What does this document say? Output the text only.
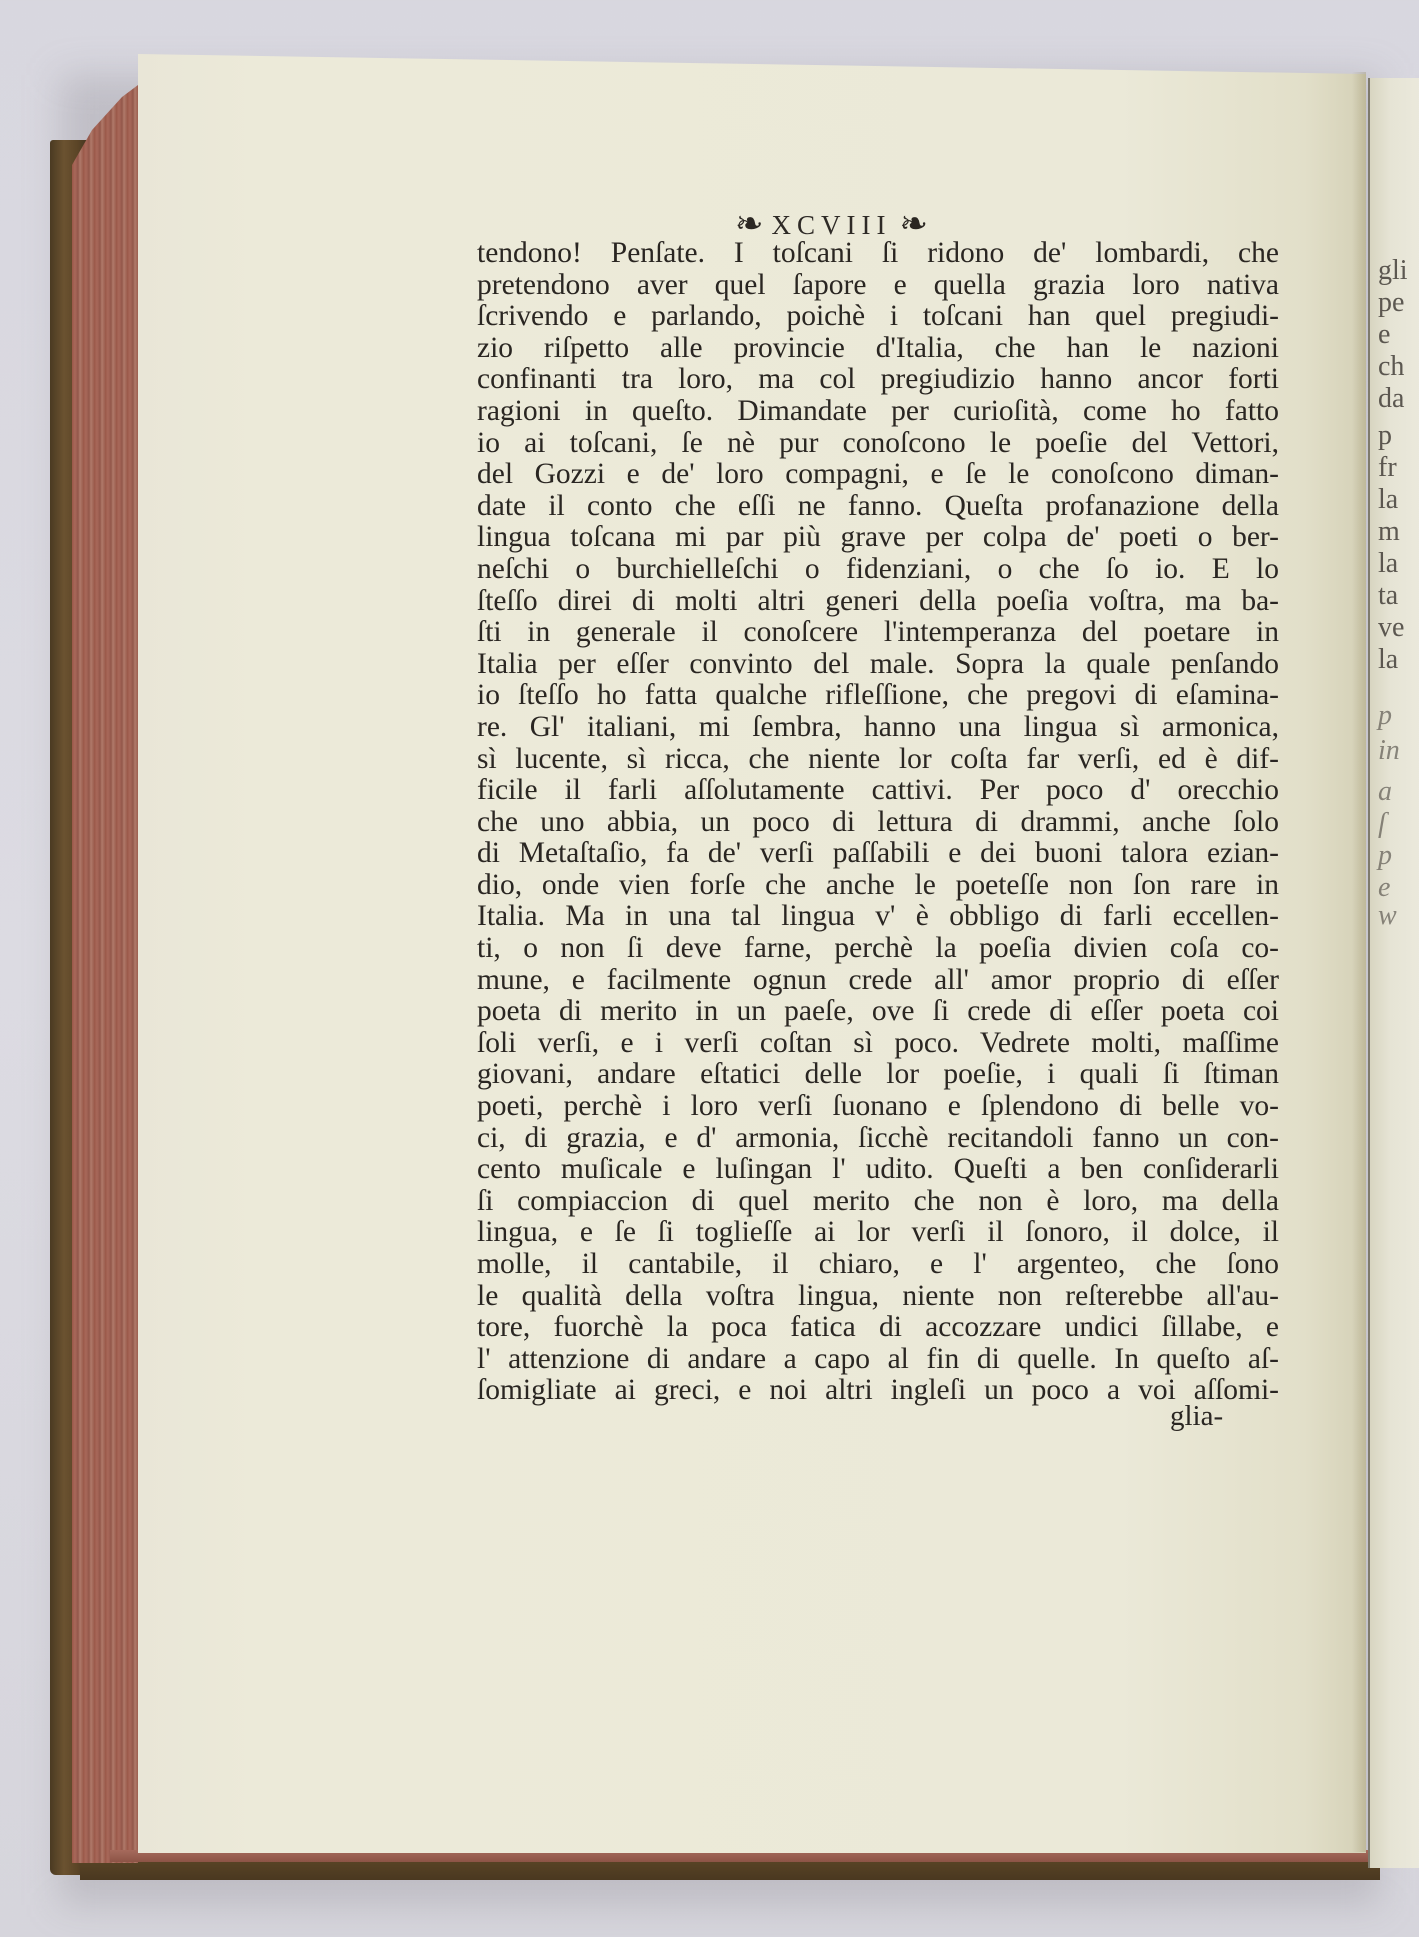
gli
pe
e
ch
da
p
fr
la
m
la
ta
ve
la
p
in
a
ſ
p
e
w
❧ XCVIII ❧
tendono! Penſate. I toſcani ſi ridono de' lombardi, che
pretendono aver quel ſapore e quella grazia loro nativa
ſcrivendo e parlando, poichè i toſcani han quel pregiudi-
zio riſpetto alle provincie d'Italia, che han le nazioni
confinanti tra loro, ma col pregiudizio hanno ancor forti
ragioni in queſto. Dimandate per curioſità, come ho fatto
io ai toſcani, ſe nè pur conoſcono le poeſie del Vettori,
del Gozzi e de' loro compagni, e ſe le conoſcono diman-
date il conto che eſſi ne fanno. Queſta profanazione della
lingua toſcana mi par più grave per colpa de' poeti o ber-
neſchi o burchielleſchi o fidenziani, o che ſo io. E lo
ſteſſo direi di molti altri generi della poeſia voſtra, ma ba-
ſti in generale il conoſcere l'intemperanza del poetare in
Italia per eſſer convinto del male. Sopra la quale penſando
io ſteſſo ho fatta qualche rifleſſione, che pregovi di eſamina-
re. Gl' italiani, mi ſembra, hanno una lingua sì armonica,
sì lucente, sì ricca, che niente lor coſta far verſi, ed è dif-
ficile il farli aſſolutamente cattivi. Per poco d' orecchio
che uno abbia, un poco di lettura di drammi, anche ſolo
di Metaſtaſio, fa de' verſi paſſabili e dei buoni talora ezian-
dio, onde vien forſe che anche le poeteſſe non ſon rare in
Italia. Ma in una tal lingua v' è obbligo di farli eccellen-
ti, o non ſi deve farne, perchè la poeſia divien coſa co-
mune, e facilmente ognun crede all' amor proprio di eſſer
poeta di merito in un paeſe, ove ſi crede di eſſer poeta coi
ſoli verſi, e i verſi coſtan sì poco. Vedrete molti, maſſime
giovani, andare eſtatici delle lor poeſie, i quali ſi ſtiman
poeti, perchè i loro verſi ſuonano e ſplendono di belle vo-
ci, di grazia, e d' armonia, ſicchè recitandoli fanno un con-
cento muſicale e luſingan l' udito. Queſti a ben conſiderarli
ſi compiaccion di quel merito che non è loro, ma della
lingua, e ſe ſi toglieſſe ai lor verſi il ſonoro, il dolce, il
molle, il cantabile, il chiaro, e l' argenteo, che ſono
le qualità della voſtra lingua, niente non reſterebbe all'au-
tore, fuorchè la poca fatica di accozzare undici ſillabe, e
l' attenzione di andare a capo al fin di quelle. In queſto aſ-
ſomigliate ai greci, e noi altri ingleſi un poco a voi aſſomi-
glia-
